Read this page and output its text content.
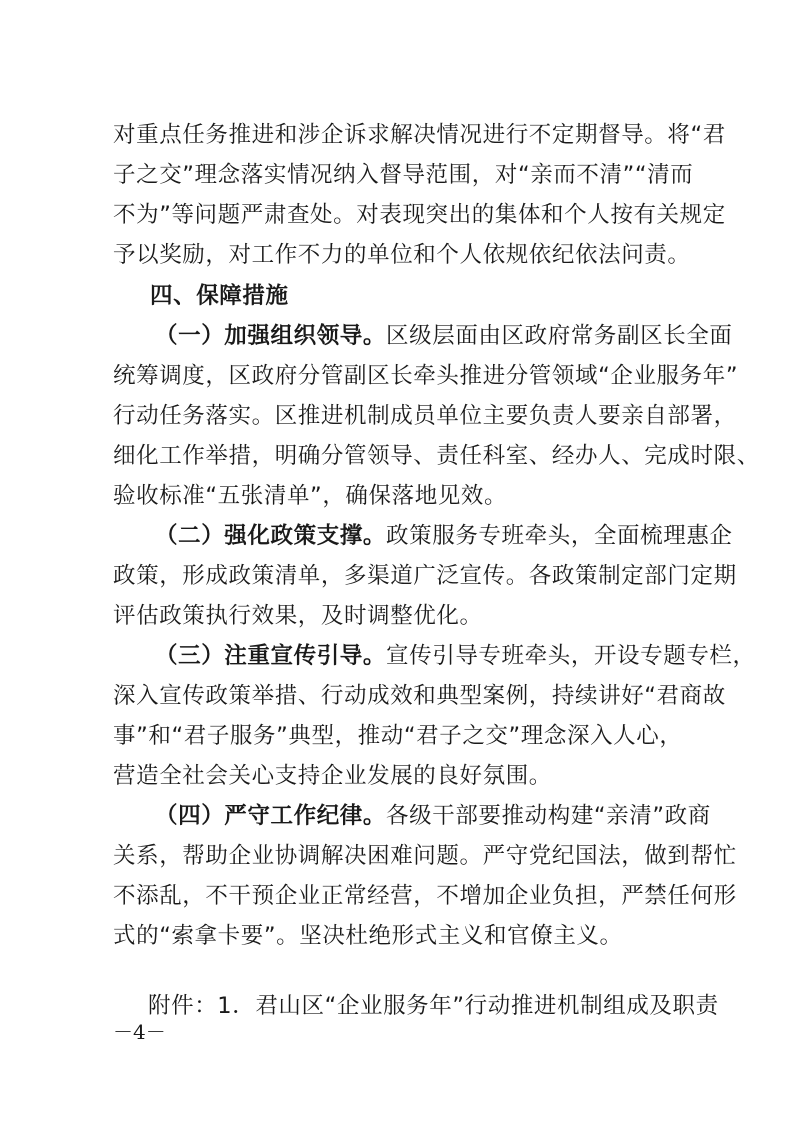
对重点任务推进和涉企诉求解决情况进行不定期督导。将“君
子之交”理念落实情况纳入督导范围，对“亲而不清”“清而
不为”等问题严肃查处。对表现突出的集体和个人按有关规定
予以奖励，对工作不力的单位和个人依规依纪依法问责。
四、保障措施
（一）加强组织领导。区级层面由区政府常务副区长全面
统筹调度，区政府分管副区长牵头推进分管领域“企业服务年”
行动任务落实。区推进机制成员单位主要负责人要亲自部署，
细化工作举措，明确分管领导、责任科室、经办人、完成时限、
验收标准“五张清单”，确保落地见效。
（二）强化政策支撑。政策服务专班牵头，全面梳理惠企
政策，形成政策清单，多渠道广泛宣传。各政策制定部门定期
评估政策执行效果，及时调整优化。
（三）注重宣传引导。宣传引导专班牵头，开设专题专栏，
深入宣传政策举措、行动成效和典型案例，持续讲好“君商故
事”和“君子服务”典型，推动“君子之交”理念深入人心，
营造全社会关心支持企业发展的良好氛围。
（四）严守工作纪律。各级干部要推动构建“亲清”政商
关系，帮助企业协调解决困难问题。严守党纪国法，做到帮忙
不添乱，不干预企业正常经营，不增加企业负担，严禁任何形
式的“索拿卡要”。坚决杜绝形式主义和官僚主义。
附件：1．君山区“企业服务年”行动推进机制组成及职责
－4－
